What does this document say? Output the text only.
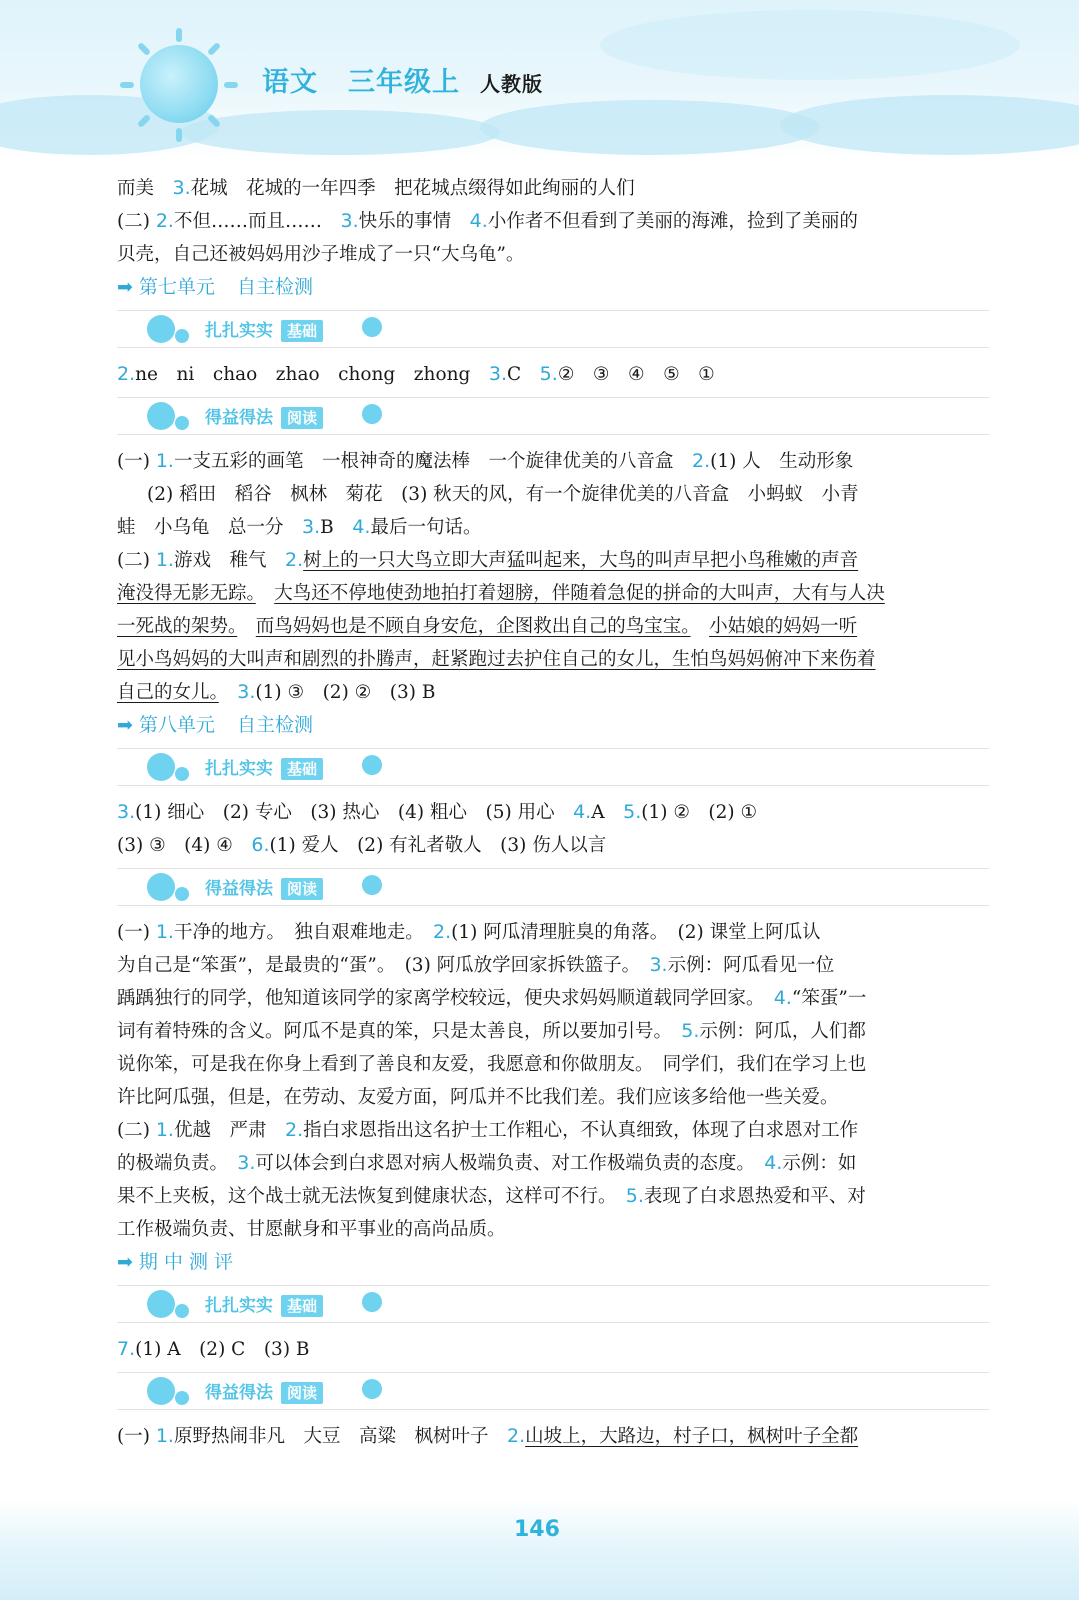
语文 三年级上 人教版
而美　 3.花城　花城的一年四季　把花城点缀得如此绚丽的人们
(二) 2.不但……而且……　 3.快乐的事情　 4.小作者不但看到了美丽的海滩，捡到了美丽的
贝壳，自己还被妈妈用沙子堆成了一只“大乌龟”。
➡ 第七单元 自主检测
扎扎实实 基础
2.ne　ni　chao　zhao　chong　zhong　 3.C　 5.②　③　④　⑤　①
得益得法 阅读
(一) 1.一支五彩的画笔　一根神奇的魔法棒　一个旋律优美的八音盒　 2.(1) 人　生动形象
(2) 稻田　稻谷　枫林　菊花　(3) 秋天的风，有一个旋律优美的八音盒　小蚂蚁　小青
蛙　小乌龟　总一分　 3.B　 4.最后一句话。
(二) 1.游戏　稚气　 2.树上的一只大鸟立即大声猛叫起来，大鸟的叫声早把小鸟稚嫩的声音
淹没得无影无踪。　 大鸟还不停地使劲地拍打着翅膀，伴随着急促的拼命的大叫声，大有与人决
一死战的架势。　 而鸟妈妈也是不顾自身安危，企图救出自己的鸟宝宝。　 小姑娘的妈妈一听
见小鸟妈妈的大叫声和剧烈的扑腾声，赶紧跑过去护住自己的女儿，生怕鸟妈妈俯冲下来伤着
自己的女儿。　 3.(1) ③　(2) ②　(3) B
➡ 第八单元 自主检测
扎扎实实 基础
3.(1) 细心　(2) 专心　(3) 热心　(4) 粗心　(5) 用心　 4.A　 5.(1) ②　(2) ①
(3) ③　(4) ④　 6.(1) 爱人　(2) 有礼者敬人　(3) 伤人以言
得益得法 阅读
(一) 1.干净的地方。　独自艰难地走。　 2.(1) 阿瓜清理脏臭的角落。　(2) 课堂上阿瓜认
为自己是“笨蛋”，是最贵的“蛋”。　(3) 阿瓜放学回家拆铁篮子。　 3.示例：阿瓜看见一位
踽踽独行的同学，他知道该同学的家离学校较远，便央求妈妈顺道载同学回家。　 4.“笨蛋”一
词有着特殊的含义。阿瓜不是真的笨，只是太善良，所以要加引号。　 5.示例：阿瓜，人们都
说你笨，可是我在你身上看到了善良和友爱，我愿意和你做朋友。　同学们，我们在学习上也
许比阿瓜强，但是，在劳动、友爱方面，阿瓜并不比我们差。我们应该多给他一些关爱。
(二) 1.优越　严肃　 2.指白求恩指出这名护士工作粗心，不认真细致，体现了白求恩对工作
的极端负责。　 3.可以体会到白求恩对病人极端负责、对工作极端负责的态度。　 4.示例：如
果不上夹板，这个战士就无法恢复到健康状态，这样可不行。　 5.表现了白求恩热爱和平、对
工作极端负责、甘愿献身和平事业的高尚品质。
➡ 期 中 测 评
扎扎实实 基础
7.(1) A　(2) C　(3) B
得益得法 阅读
(一) 1.原野热闹非凡　大豆　高粱　枫树叶子　 2.山坡上，大路边，村子口，枫树叶子全都
146
